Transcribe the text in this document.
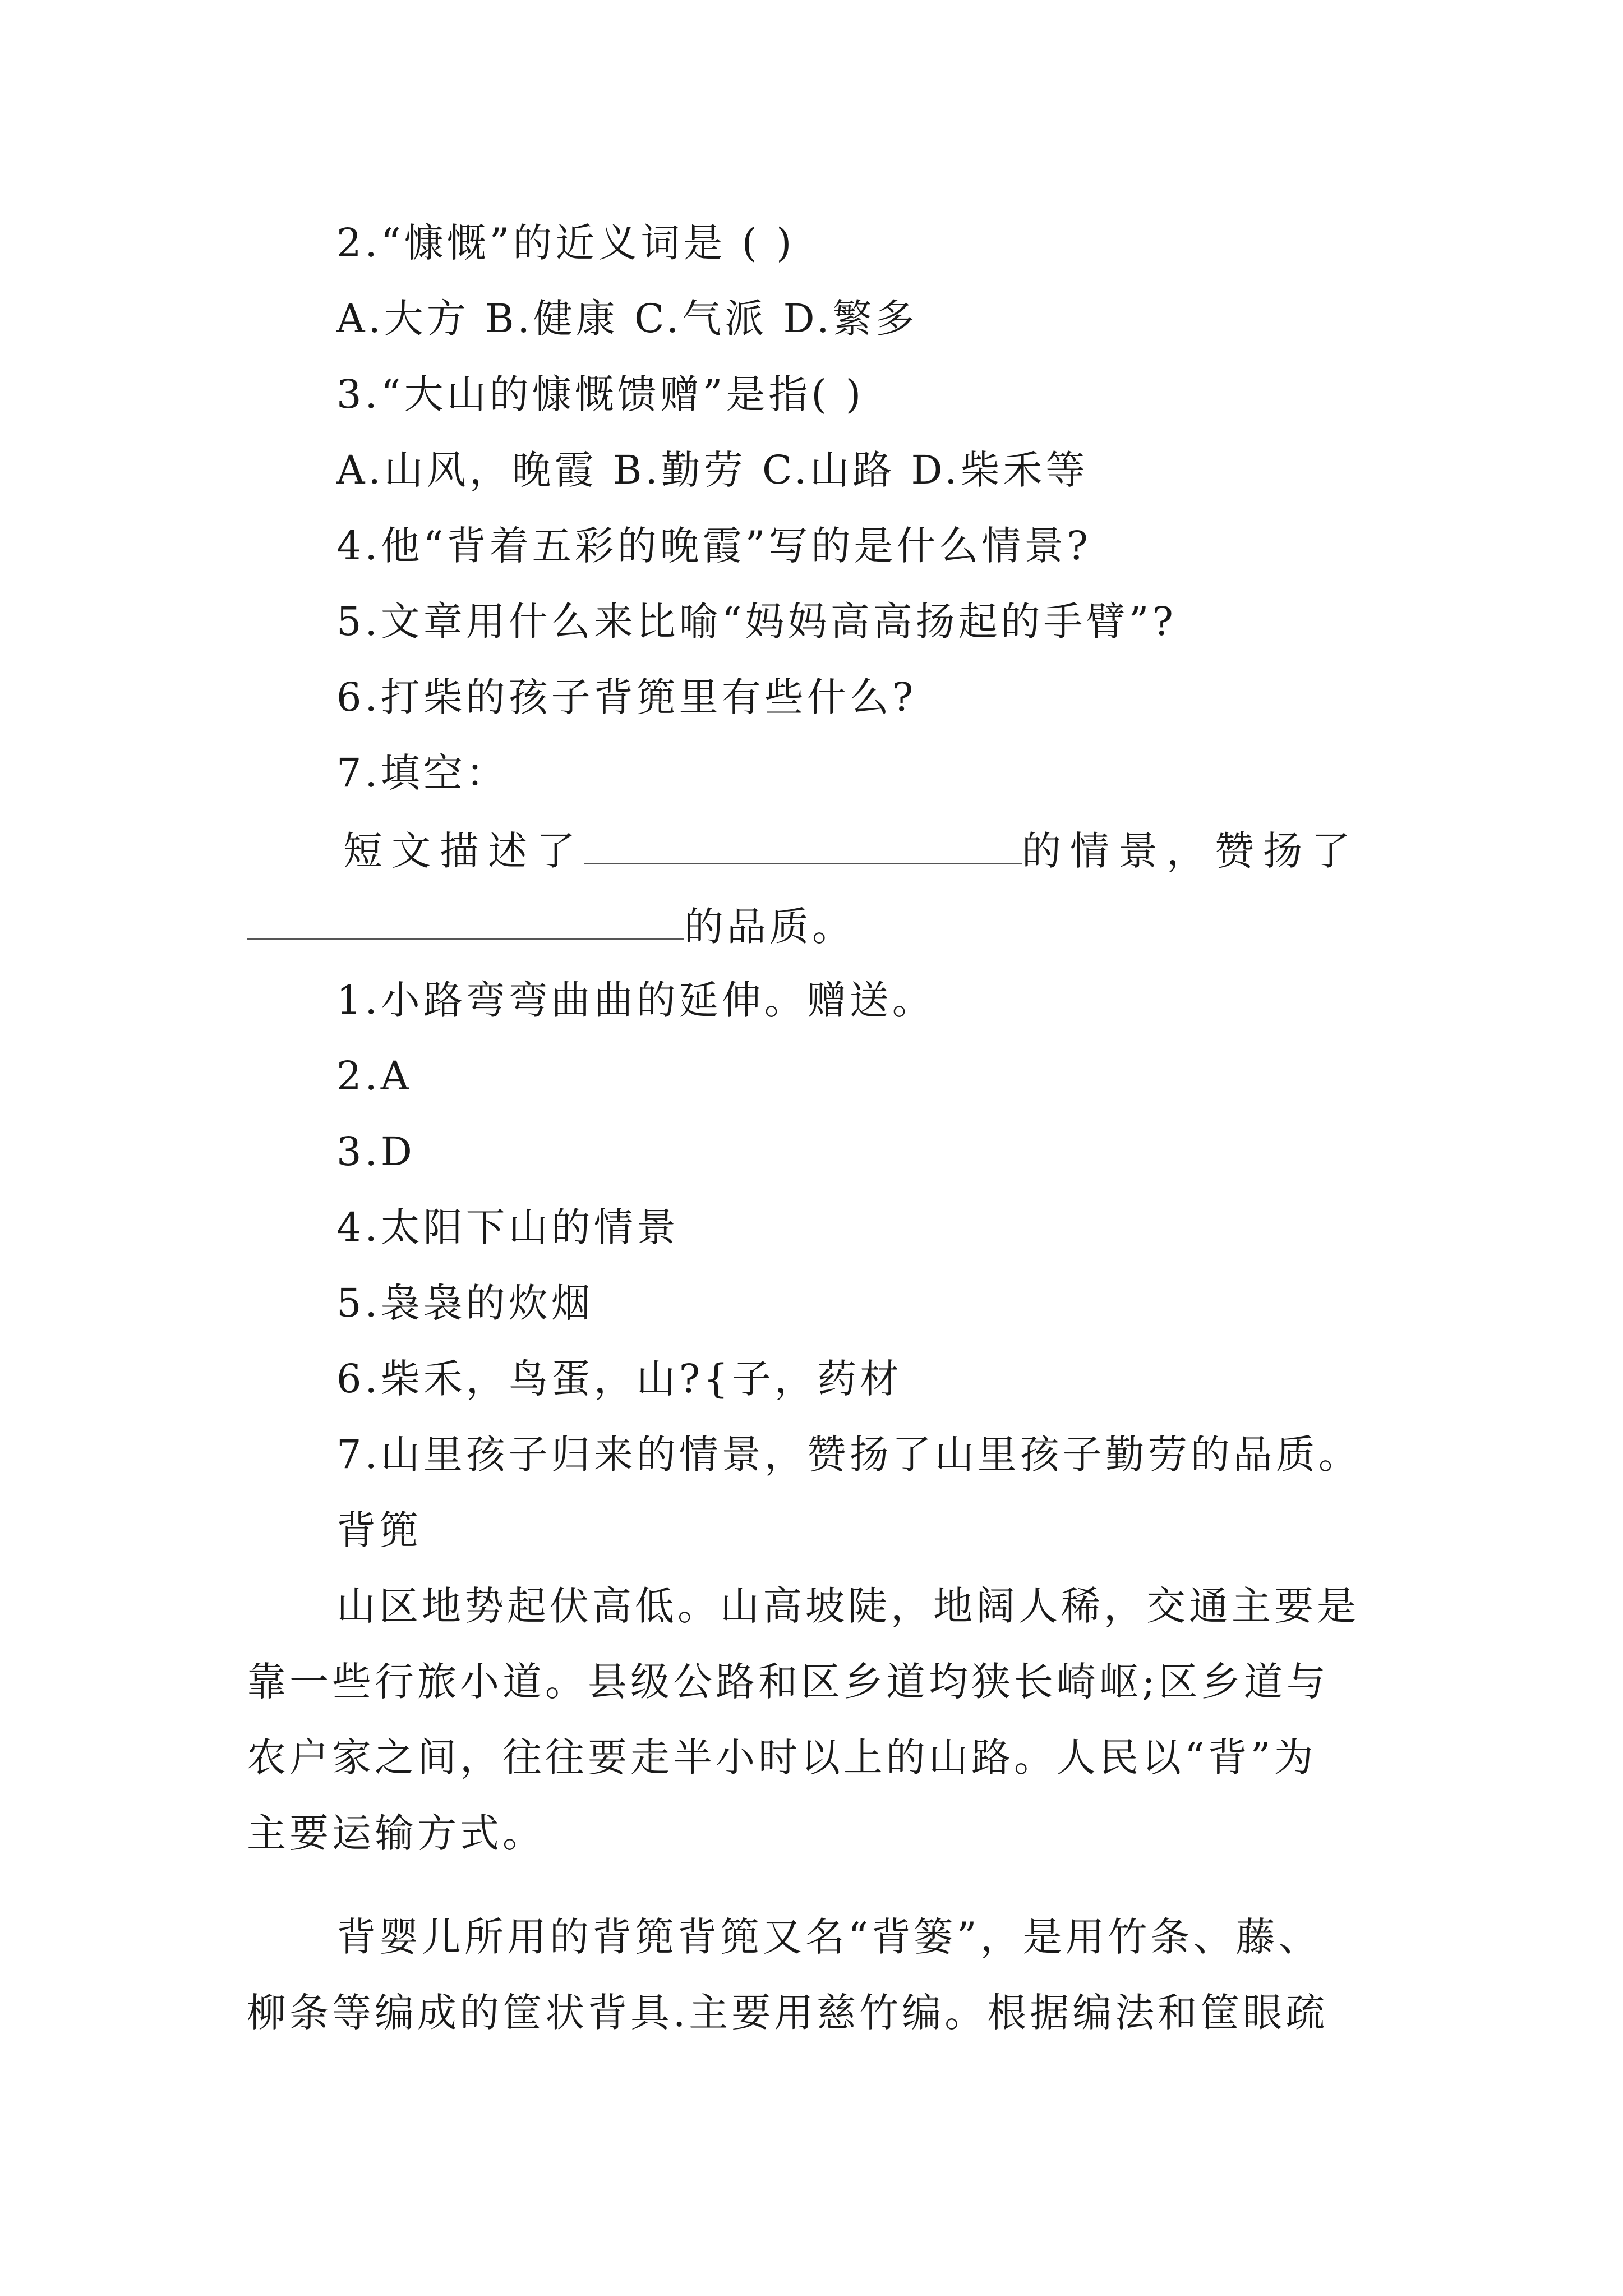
2.“慷慨”的近义词是 ( )
A.大方 B.健康 C.气派 D.繁多
3.“大山的慷慨馈赠”是指( )
A.山风，晚霞 B.勤劳 C.山路 D.柴禾等
4.他“背着五彩的晚霞”写的是什么情景?
5.文章用什么来比喻“妈妈高高扬起的手臂”?
6.打柴的孩子背篼里有些什么?
7.填空：
短文描述了	的情景，赞扬了
的品质。
1.小路弯弯曲曲的延伸。赠送。
2.A
3.D
4.太阳下山的情景
5.袅袅的炊烟
6.柴禾，鸟蛋，山?{子，药材
7.山里孩子归来的情景，赞扬了山里孩子勤劳的品质。
背篼
山区地势起伏高低。山高坡陡，地阔人稀，交通主要是
靠一些行旅小道。县级公路和区乡道均狭长崎岖;区乡道与
农户家之间，往往要走半小时以上的山路。人民以“背”为
主要运输方式。
背婴儿所用的背篼背篼又名“背篓”，是用竹条、藤、
柳条等编成的筐状背具.主要用慈竹编。根据编法和筐眼疏
